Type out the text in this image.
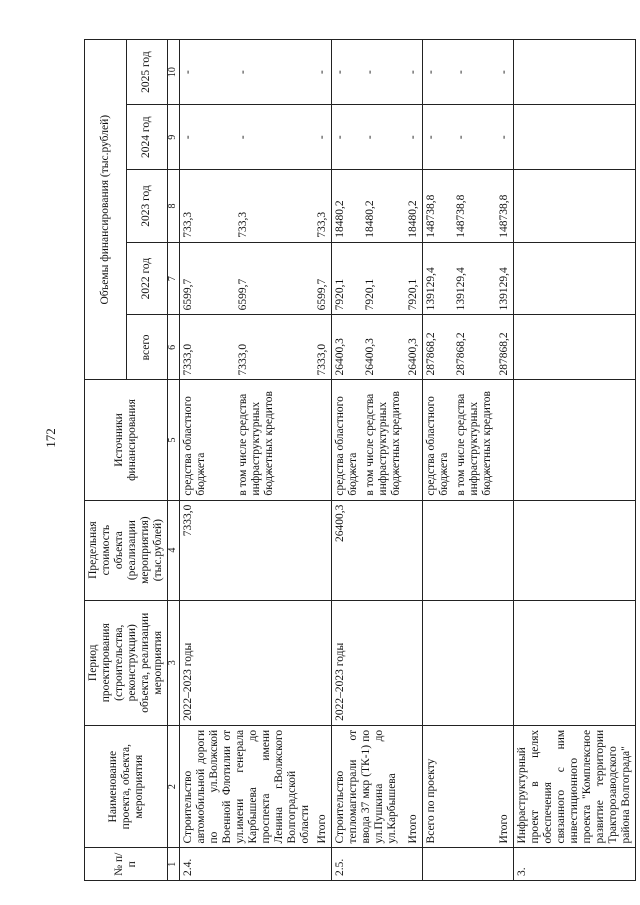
172
№ п/п	Наименование проекта, объекта, мероприятия	Период проектирования (строительства, реконструкции) объекта, реализации мероприятия	Предельная стоимость объекта (реализации мероприятия) (тыс.рублей)	Источники финансирования	Объемы финансирования (тыс.рублей)				
					всего	2022 год	2023 год	2024 год	2025 год
1	2	3	4	5	6	7	8	9	10
2.4.	Строительство автомобильной дороги по ул.Волжской Военной Флотилии от ул.имени генерала Карбышева до проспекта имени Ленина г.Волжского Волгоградской области	2022–2023 годы	7333,0	средства областного бюджета	7333,0	6599,7	733,3	-	-
				в том числе средства инфраструктурных бюджетных кредитов	7333,0	6599,7	733,3	-	-
	Итого				7333,0	6599,7	733,3	-	-
2.5.	Строительство тепломагистрали от ввода 37 мкр (ТК-1) по ул.Пушкина до ул.Карбышева	2022–2023 годы	26400,3	средства областного бюджета	26400,3	7920,1	18480,2	-	-
				в том числе средства инфраструктурных бюджетных кредитов	26400,3	7920,1	18480,2	-	-
	Итого				26400,3	7920,1	18480,2	-	-
	Всего по проекту			средства областного бюджета	287868,2	139129,4	148738,8	-	-
				в том числе средства инфраструктурных бюджетных кредитов	287868,2	139129,4	148738,8	-	-
	Итого				287868,2	139129,4	148738,8	-	-
3.	Инфраструктурный проект в целях обеспечения связанного с ним инвестиционного проекта "Комплексное развитие территории Тракторозаводского района Волгограда"								
